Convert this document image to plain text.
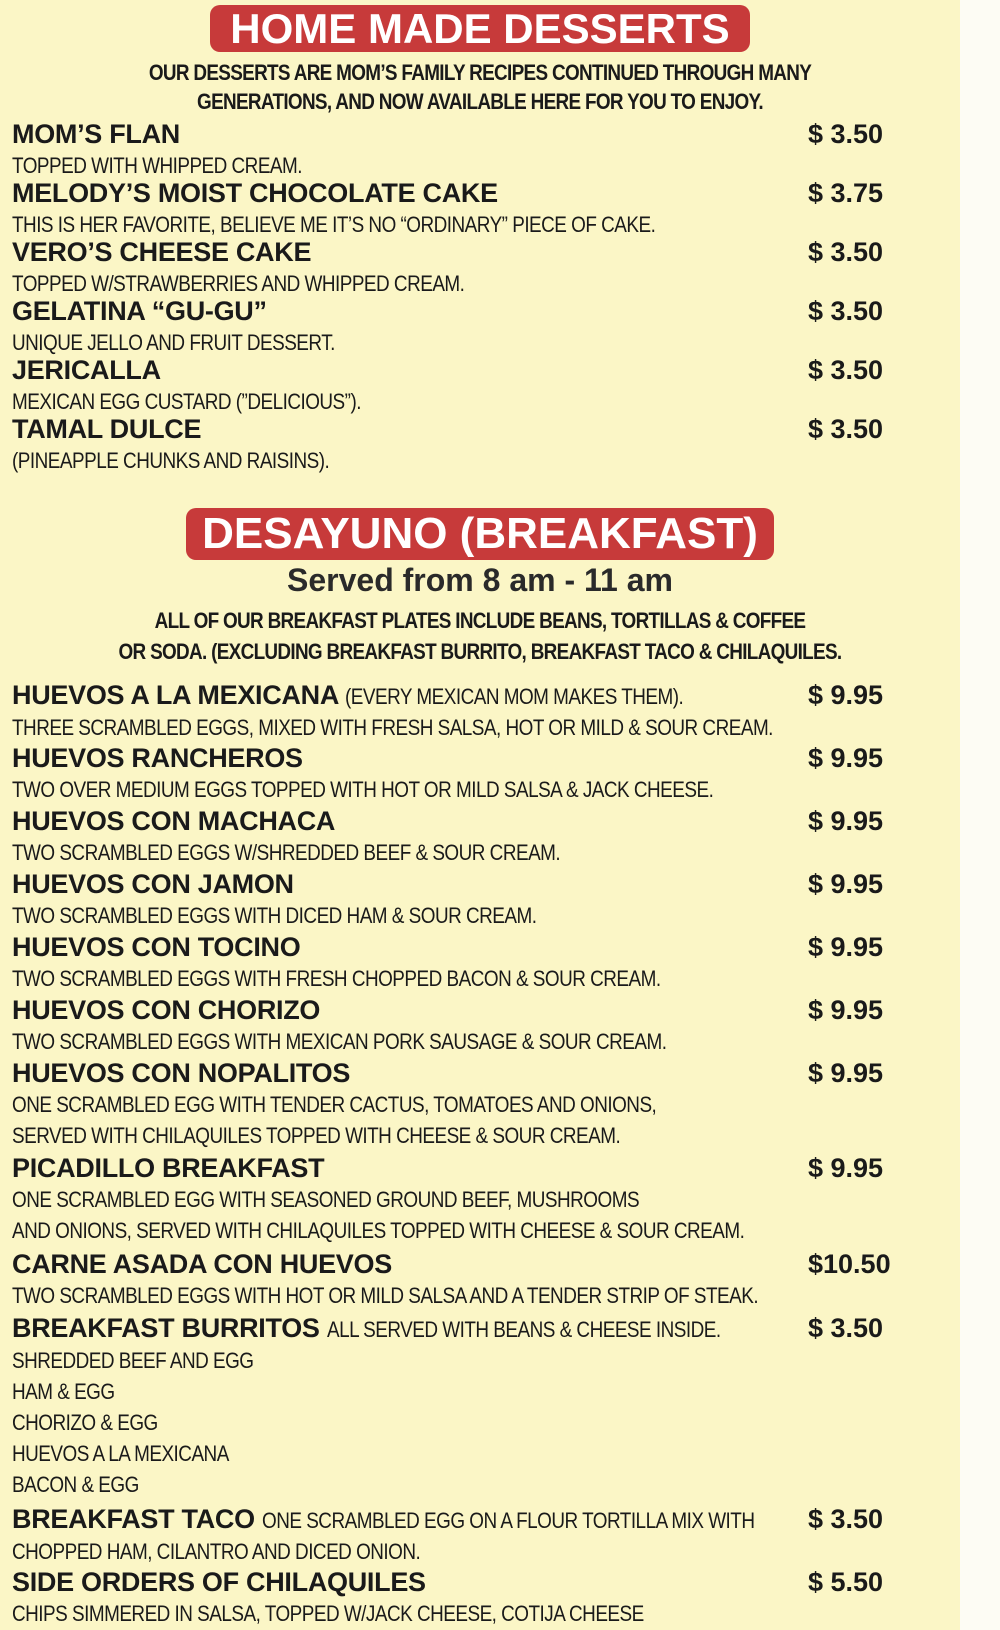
HOME MADE DESSERTS
OUR DESSERTS ARE MOM’S FAMILY RECIPES CONTINUED THROUGH MANY
GENERATIONS, AND NOW AVAILABLE HERE FOR YOU TO ENJOY.
MOM’S FLAN
TOPPED WITH WHIPPED CREAM.
$ 3.50
MELODY’S MOIST CHOCOLATE CAKE
THIS IS HER FAVORITE, BELIEVE ME IT’S NO “ORDINARY” PIECE OF CAKE.
$ 3.75
VERO’S CHEESE CAKE
TOPPED W/STRAWBERRIES AND WHIPPED CREAM.
$ 3.50
GELATINA “GU-GU”
UNIQUE JELLO AND FRUIT DESSERT.
$ 3.50
JERICALLA
MEXICAN EGG CUSTARD (”DELICIOUS”).
$ 3.50
TAMAL DULCE
(PINEAPPLE CHUNKS AND RAISINS).
$ 3.50
DESAYUNO (BREAKFAST)
Served from 8 am - 11 am
ALL OF OUR BREAKFAST PLATES INCLUDE BEANS, TORTILLAS & COFFEE
OR SODA. (EXCLUDING BREAKFAST BURRITO, BREAKFAST TACO & CHILAQUILES.
HUEVOS A LA MEXICANA (EVERY MEXICAN MOM MAKES THEM).
THREE SCRAMBLED EGGS, MIXED WITH FRESH SALSA, HOT OR MILD & SOUR CREAM.
$ 9.95
HUEVOS RANCHEROS
TWO OVER MEDIUM EGGS TOPPED WITH HOT OR MILD SALSA & JACK CHEESE.
$ 9.95
HUEVOS CON MACHACA
TWO SCRAMBLED EGGS W/SHREDDED BEEF & SOUR CREAM.
$ 9.95
HUEVOS CON JAMON
TWO SCRAMBLED EGGS WITH DICED HAM & SOUR CREAM.
$ 9.95
HUEVOS CON TOCINO
TWO SCRAMBLED EGGS WITH FRESH CHOPPED BACON & SOUR CREAM.
$ 9.95
HUEVOS CON CHORIZO
TWO SCRAMBLED EGGS WITH MEXICAN PORK SAUSAGE & SOUR CREAM.
$ 9.95
HUEVOS CON NOPALITOS
ONE SCRAMBLED EGG WITH TENDER CACTUS, TOMATOES AND ONIONS,
SERVED WITH CHILAQUILES TOPPED WITH CHEESE & SOUR CREAM.
$ 9.95
PICADILLO BREAKFAST
ONE SCRAMBLED EGG WITH SEASONED GROUND BEEF, MUSHROOMS
AND ONIONS, SERVED WITH CHILAQUILES TOPPED WITH CHEESE & SOUR CREAM.
$ 9.95
CARNE ASADA CON HUEVOS
TWO SCRAMBLED EGGS WITH HOT OR MILD SALSA AND A TENDER STRIP OF STEAK.
$10.50
BREAKFAST BURRITOS ALL SERVED WITH BEANS & CHEESE INSIDE.
SHREDDED BEEF AND EGG
HAM & EGG
CHORIZO & EGG
HUEVOS A LA MEXICANA
BACON & EGG
$ 3.50
BREAKFAST TACO ONE SCRAMBLED EGG ON A FLOUR TORTILLA MIX WITH
CHOPPED HAM, CILANTRO AND DICED ONION.
$ 3.50
SIDE ORDERS OF CHILAQUILES
CHIPS SIMMERED IN SALSA, TOPPED W/JACK CHEESE, COTIJA CHEESE
$ 5.50
